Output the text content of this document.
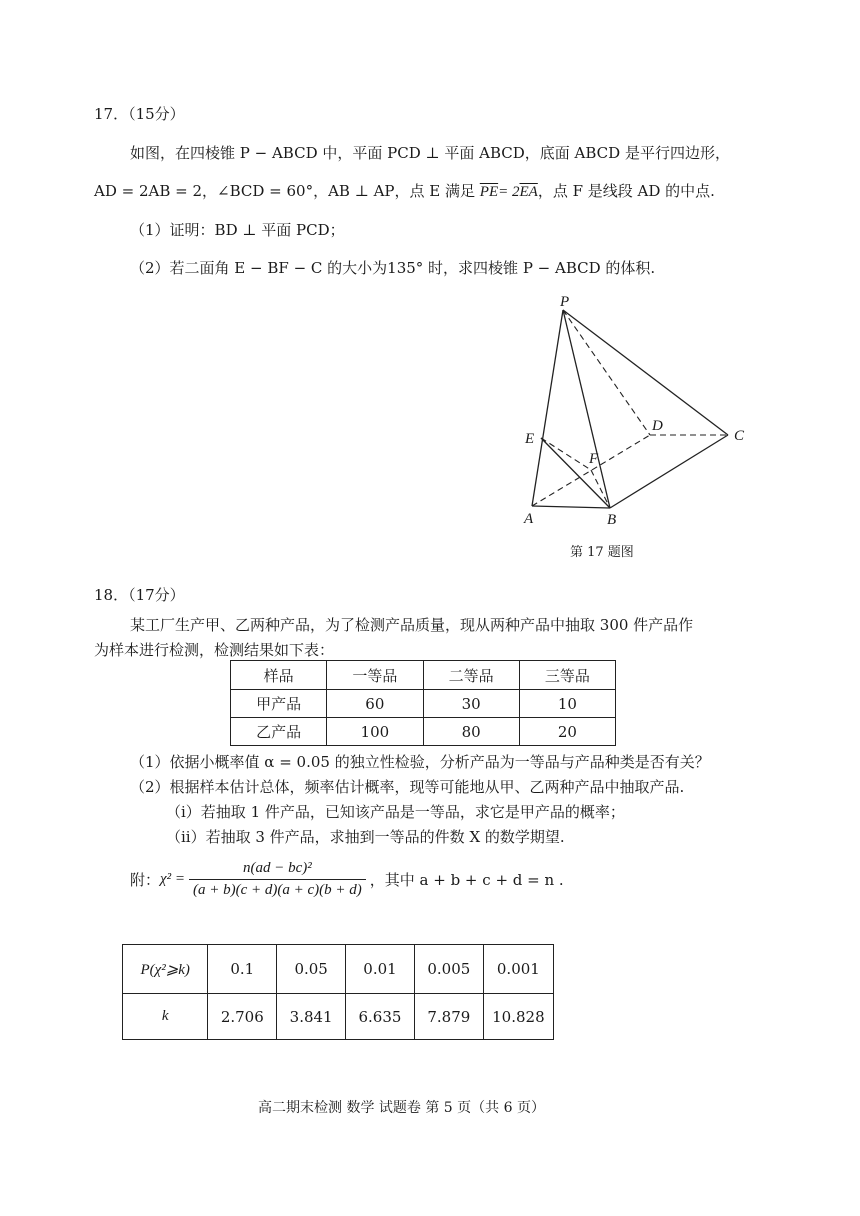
17．（15分）
如图，在四棱锥 P − ABCD 中，平面 PCD ⊥ 平面 ABCD，底面 ABCD 是平行四边形，
AD = 2AB = 2，∠BCD = 60°，AB ⊥ AP，点 E 满足 $\overline{PE}= 2\overline{EA}$，点 F 是线段 AD 的中点.
（1）证明：BD ⊥ 平面 PCD；
（2）若二面角 E − BF − C 的大小为135° 时，求四棱锥 P − ABCD 的体积.
P
E
D
C
F
A	B
第 17 题图
18．（17分）
某工厂生产甲、乙两种产品，为了检测产品质量，现从两种产品中抽取 300 件产品作
为样本进行检测，检测结果如下表：
样品	一等品	二等品	三等品
甲产品	60	30	10
乙产品	100	80	20
（1）依据小概率值 α = 0.05 的独立性检验，分析产品为一等品与产品种类是否有关？
（2）根据样本估计总体，频率估计概率，现等可能地从甲、乙两种产品中抽取产品.
（i）若抽取 1 件产品，已知该产品是一等品，求它是甲产品的概率；
（ii）若抽取 3 件产品，求抽到一等品的件数 X 的数学期望.
附： $\chi^2 = \frac{\text{n(ad − bc)²}}{(a + b)(c + d)(a + c)(b + d)}$ ，其中 a + b + c + d = n .
P(χ²⩾k)	0.1	0.05	0.01	0.005	0.001
k	2.706	3.841	6.635	7.879	10.828
高二期末检测 数学 试题卷 第 5 页（共 6 页）
